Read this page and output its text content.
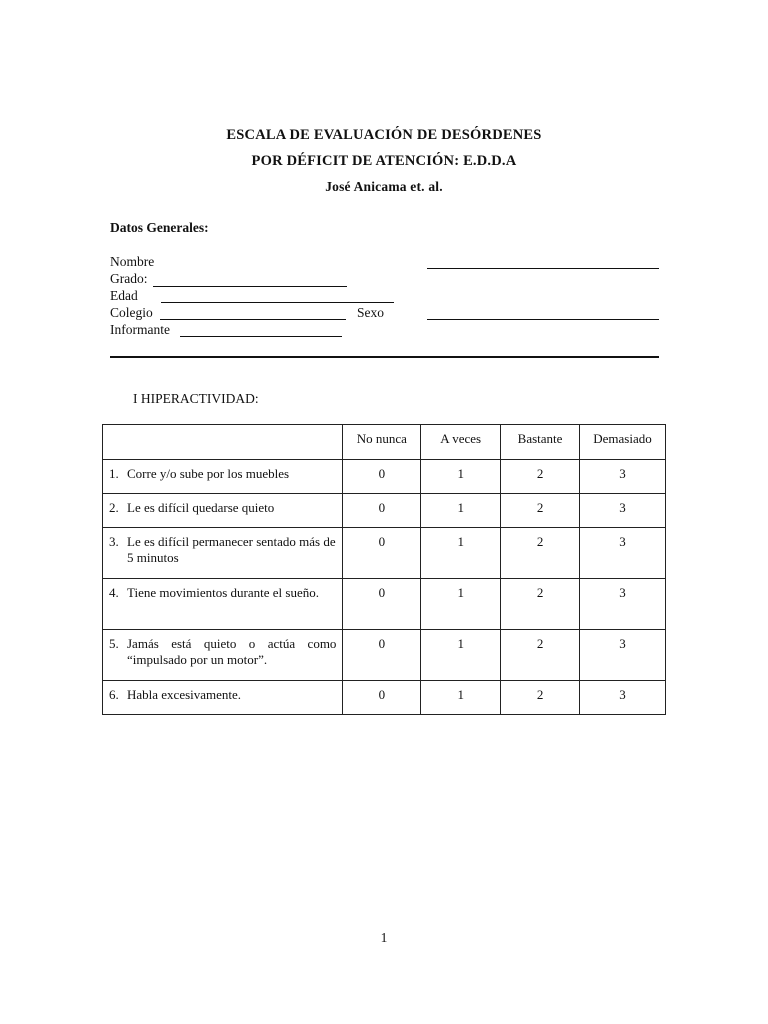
ESCALA DE EVALUACIÓN DE DESÓRDENES
POR DÉFICIT DE ATENCIÓN: E.D.D.A
José Anicama et. al.
Datos Generales:
Nombre
Grado:
Edad
Colegio	Sexo
Informante
I HIPERACTIVIDAD:
	No nunca	A veces	Bastante	Demasiado

1. Corre y/o sube por los muebles	0	1	2	3

2. Le es difícil quedarse quieto	0	1	2	3

3. Le es difícil permanecer sentado más de 5 minutos	0	1	2	3

4. Tiene movimientos durante el sueño.	0	1	2	3

5. Jamás está quieto o actúa como “impulsado por un motor”.	0	1	2	3

6. Habla excesivamente.	0	1	2	3
1
